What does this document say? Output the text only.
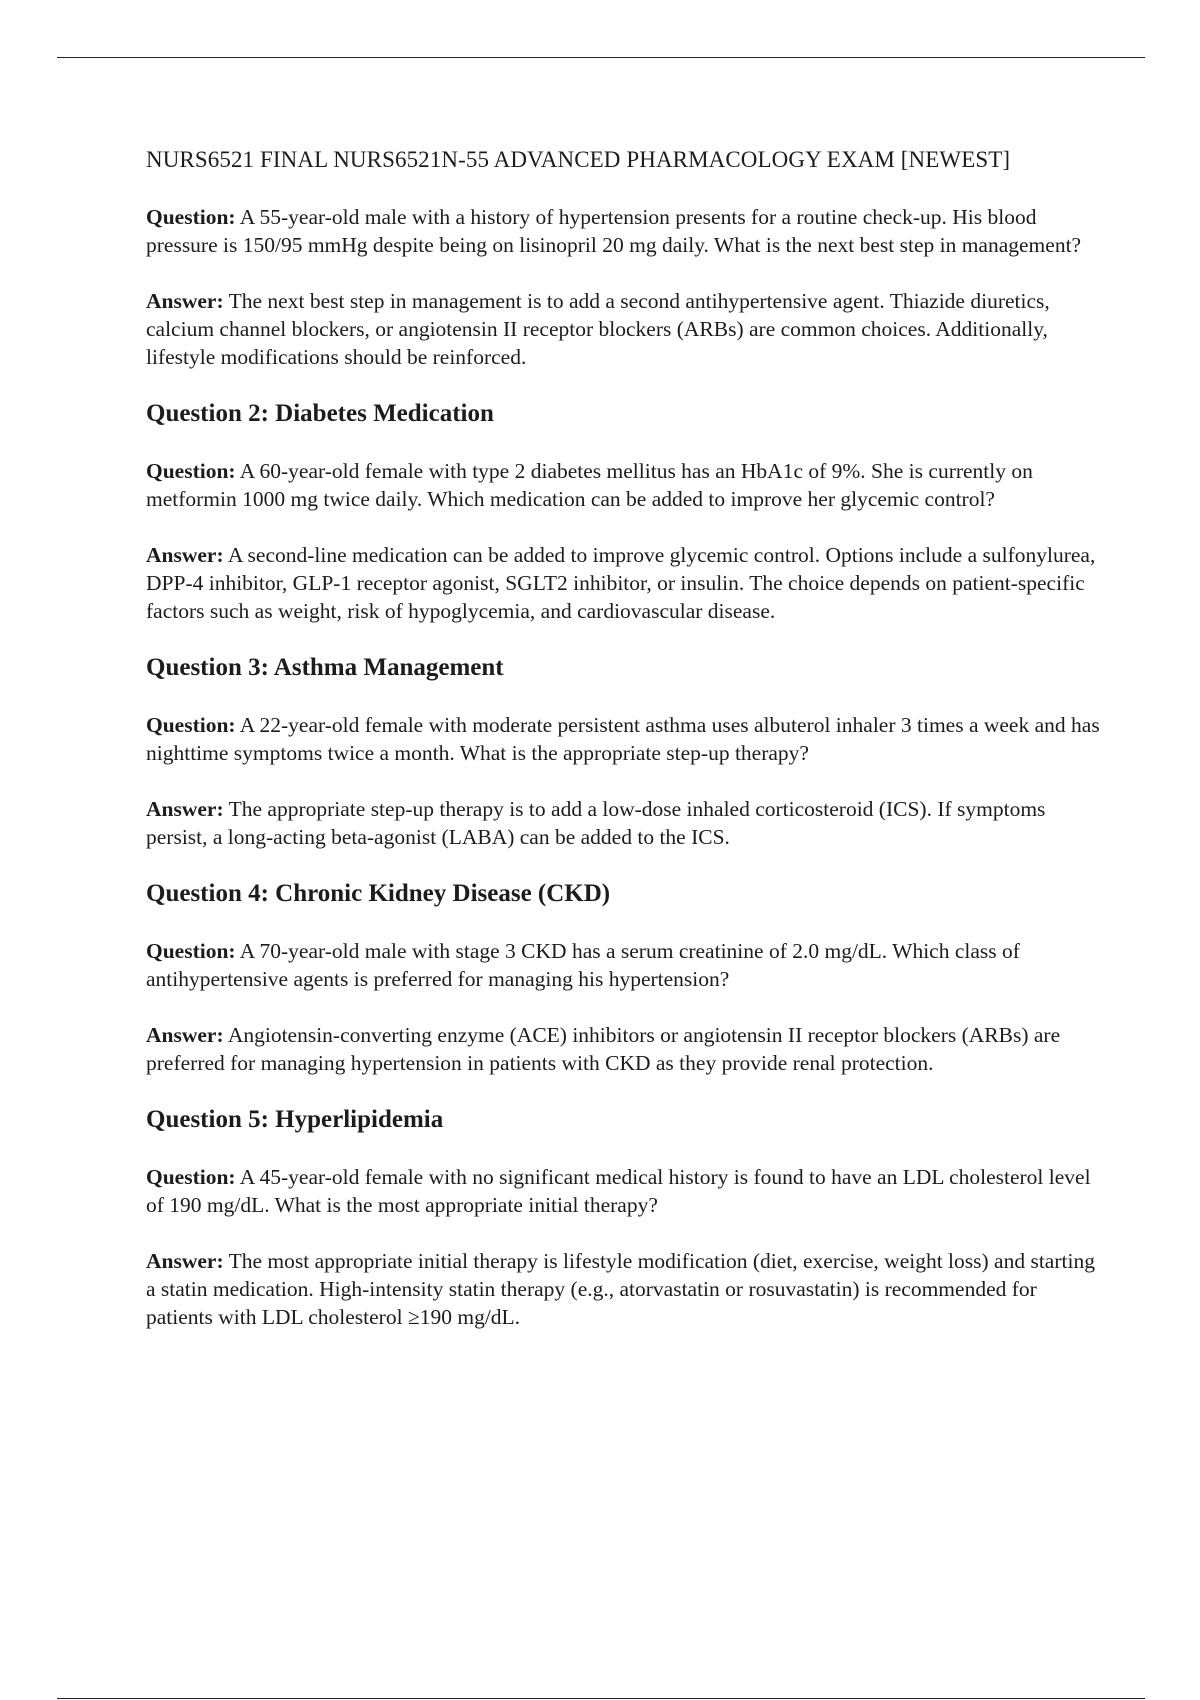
NURS6521 FINAL NURS6521N-55 ADVANCED PHARMACOLOGY EXAM [NEWEST]

Question: A 55-year-old male with a history of hypertension presents for a routine check-up. His blood pressure is 150/95 mmHg despite being on lisinopril 20 mg daily. What is the next best step in management?

Answer: The next best step in management is to add a second antihypertensive agent. Thiazide diuretics, calcium channel blockers, or angiotensin II receptor blockers (ARBs) are common choices. Additionally, lifestyle modifications should be reinforced.

Question 2: Diabetes Medication

Question: A 60-year-old female with type 2 diabetes mellitus has an HbA1c of 9%. She is currently on metformin 1000 mg twice daily. Which medication can be added to improve her glycemic control?

Answer: A second-line medication can be added to improve glycemic control. Options include a sulfonylurea, DPP-4 inhibitor, GLP-1 receptor agonist, SGLT2 inhibitor, or insulin. The choice depends on patient-specific factors such as weight, risk of hypoglycemia, and cardiovascular disease.

Question 3: Asthma Management

Question: A 22-year-old female with moderate persistent asthma uses albuterol inhaler 3 times a week and has nighttime symptoms twice a month. What is the appropriate step-up therapy?

Answer: The appropriate step-up therapy is to add a low-dose inhaled corticosteroid (ICS). If symptoms persist, a long-acting beta-agonist (LABA) can be added to the ICS.

Question 4: Chronic Kidney Disease (CKD)

Question: A 70-year-old male with stage 3 CKD has a serum creatinine of 2.0 mg/dL. Which class of antihypertensive agents is preferred for managing his hypertension?

Answer: Angiotensin-converting enzyme (ACE) inhibitors or angiotensin II receptor blockers (ARBs) are preferred for managing hypertension in patients with CKD as they provide renal protection.

Question 5: Hyperlipidemia

Question: A 45-year-old female with no significant medical history is found to have an LDL cholesterol level of 190 mg/dL. What is the most appropriate initial therapy?

Answer: The most appropriate initial therapy is lifestyle modification (diet, exercise, weight loss) and starting a statin medication. High-intensity statin therapy (e.g., atorvastatin or rosuvastatin) is recommended for patients with LDL cholesterol ≥190 mg/dL.
